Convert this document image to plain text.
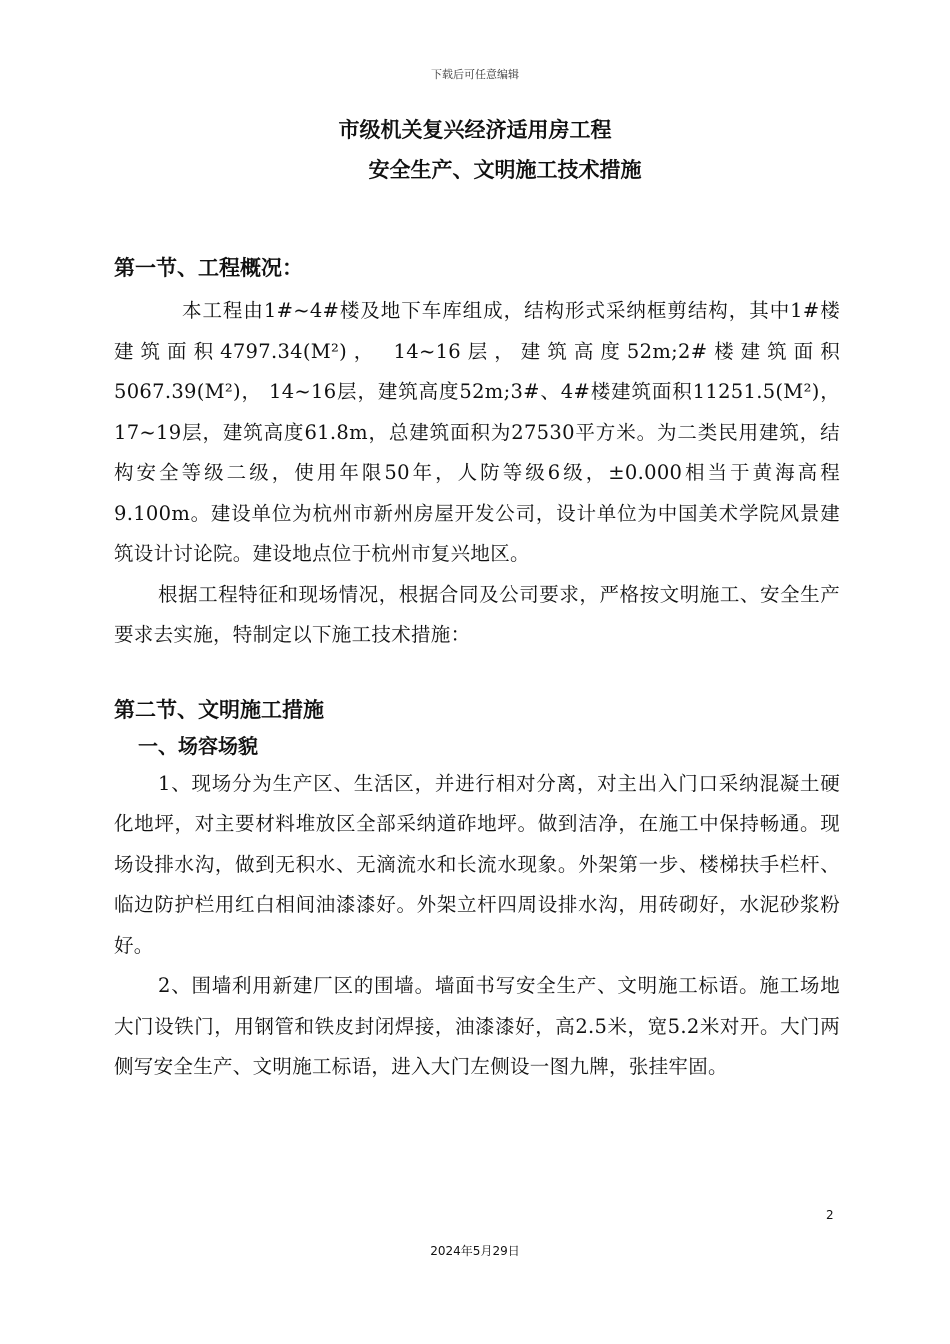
下载后可任意编辑
市级机关复兴经济适用房工程
安全生产、文明施工技术措施
第一节、工程概况：

本工程由1#~4#楼及地下车库组成，结构形式采纳框剪结构，其中1#楼建筑面积4797.34(M²)， 14~16层，建筑高度52m;2#楼建筑面积5067.39(M²)， 14~16层，建筑高度52m;3#、4#楼建筑面积11251.5(M²)，17~19层，建筑高度61.8m，总建筑面积为27530平方米。为二类民用建筑，结构安全等级二级，使用年限50年，人防等级6级，±0.000相当于黄海高程9.100m。建设单位为杭州市新州房屋开发公司，设计单位为中国美术学院风景建筑设计讨论院。建设地点位于杭州市复兴地区。

根据工程特征和现场情况，根据合同及公司要求，严格按文明施工、安全生产要求去实施，特制定以下施工技术措施：

第二节、文明施工措施
一、场容场貌

1、现场分为生产区、生活区，并进行相对分离，对主出入门口采纳混凝土硬化地坪，对主要材料堆放区全部采纳道砟地坪。做到洁净，在施工中保持畅通。现场设排水沟，做到无积水、无滴流水和长流水现象。外架第一步、楼梯扶手栏杆、临边防护栏用红白相间油漆漆好。外架立杆四周设排水沟，用砖砌好，水泥砂浆粉好。

2、围墙利用新建厂区的围墙。墙面书写安全生产、文明施工标语。施工场地大门设铁门，用钢管和铁皮封闭焊接，油漆漆好，高2.5米，宽5.2米对开。大门两侧写安全生产、文明施工标语，进入大门左侧设一图九牌，张挂牢固。

2
2024年5月29日
